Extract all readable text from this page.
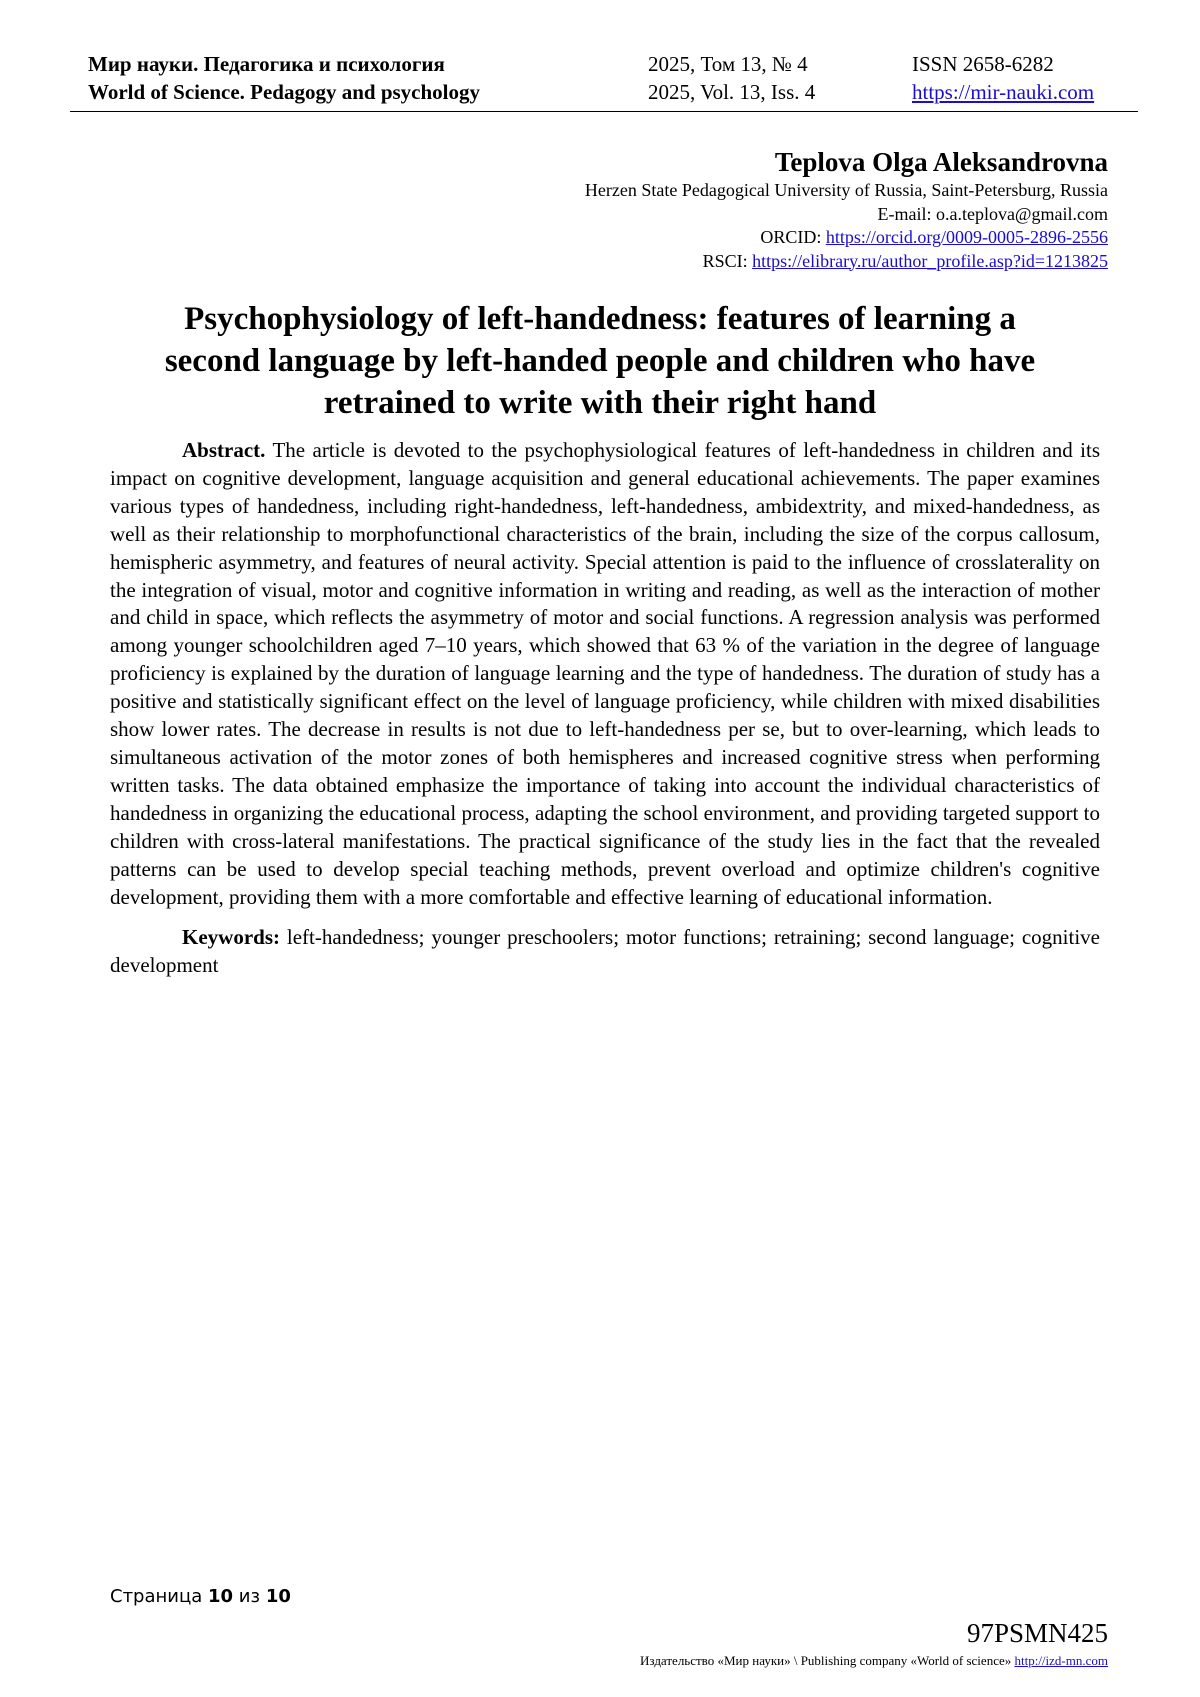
Мир науки. Педагогика и психология
World of Science. Pedagogy and psychology
2025, Том 13, № 4
2025, Vol. 13, Iss. 4
ISSN 2658-6282
https://mir-nauki.com
Teplova Olga Aleksandrovna
Herzen State Pedagogical University of Russia, Saint-Petersburg, Russia
E-mail: o.a.teplova@gmail.com
ORCID: https://orcid.org/0009-0005-2896-2556
RSCI: https://elibrary.ru/author_profile.asp?id=1213825
Psychophysiology of left-handedness: features of learning a
second language by left-handed people and children who have
retrained to write with their right hand

Abstract. The article is devoted to the psychophysiological features of left-handedness in children and its impact on cognitive development, language acquisition and general educational achievements. The paper examines various types of handedness, including right-handedness, left-handedness, ambidextrity, and mixed-handedness, as well as their relationship to morphofunctional characteristics of the brain, including the size of the corpus callosum, hemispheric asymmetry, and features of neural activity. Special attention is paid to the influence of crosslaterality on the integration of visual, motor and cognitive information in writing and reading, as well as the interaction of mother and child in space, which reflects the asymmetry of motor and social functions. A regression analysis was performed among younger schoolchildren aged 7–10 years, which showed that 63 % of the variation in the degree of language proficiency is explained by the duration of language learning and the type of handedness. The duration of study has a positive and statistically significant effect on the level of language proficiency, while children with mixed disabilities show lower rates. The decrease in results is not due to left-handedness per se, but to over-learning, which leads to simultaneous activation of the motor zones of both hemispheres and increased cognitive stress when performing written tasks. The data obtained emphasize the importance of taking into account the individual characteristics of handedness in organizing the educational process, adapting the school environment, and providing targeted support to children with cross-lateral manifestations. The practical significance of the study lies in the fact that the revealed patterns can be used to develop special teaching methods, prevent overload and optimize children's cognitive development, providing them with a more comfortable and effective learning of educational information.

Keywords: left-handedness; younger preschoolers; motor functions; retraining; second language; cognitive development

Страница 10 из 10
97PSMN425
Издательство «Мир науки» \ Publishing company «World of science» http://izd-mn.com
